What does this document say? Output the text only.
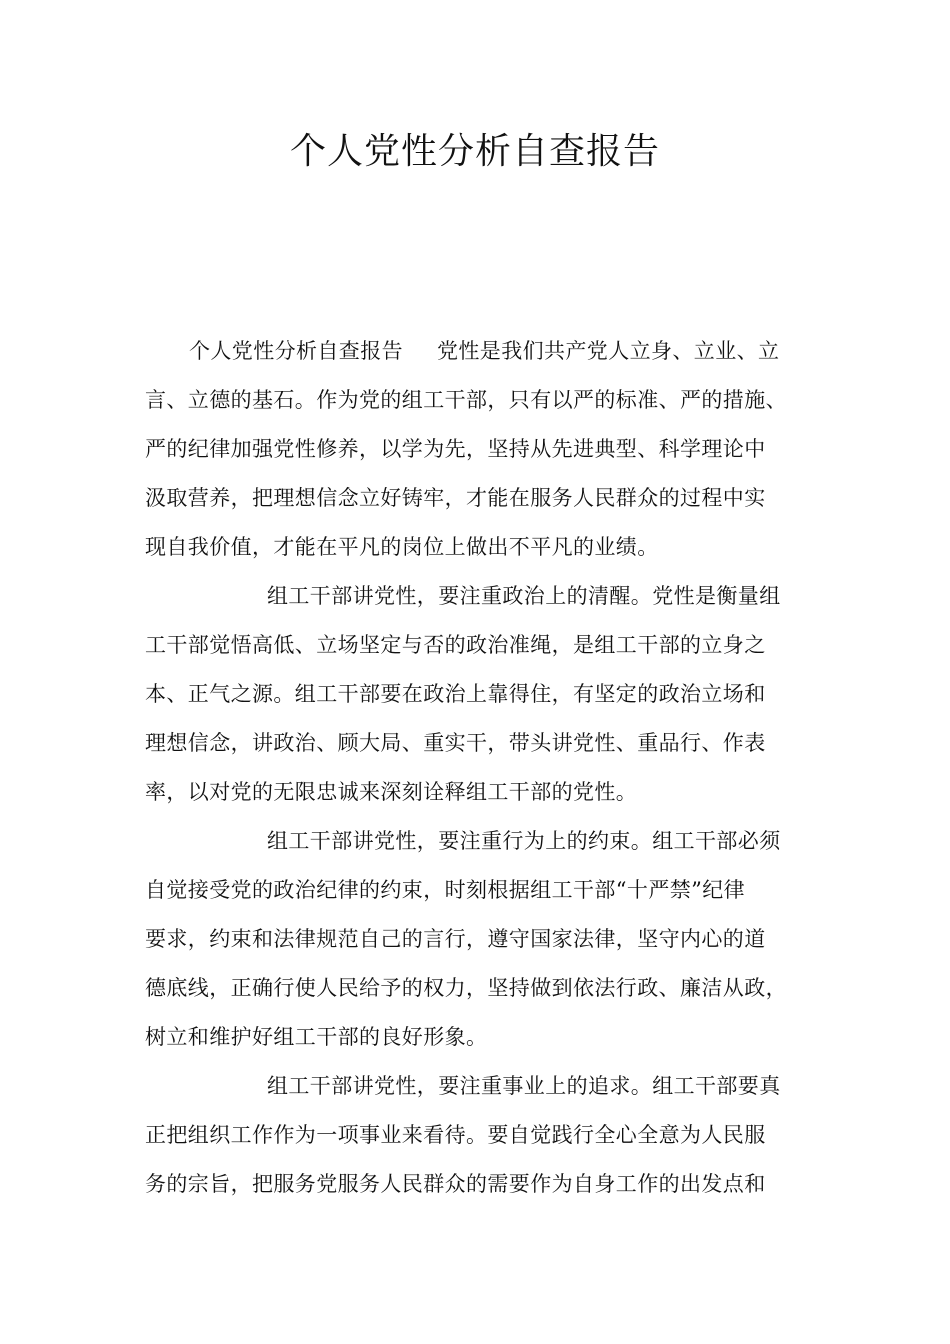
个人党性分析自查报告

个人党性分析自查报告 党性是我们共产党人立身、立业、立
言、立德的基石。作为党的组工干部，只有以严的标准、严的措施、
严的纪律加强党性修养，以学为先，坚持从先进典型、科学理论中
汲取营养，把理想信念立好铸牢，才能在服务人民群众的过程中实
现自我价值，才能在平凡的岗位上做出不平凡的业绩。

组工干部讲党性，要注重政治上的清醒。党性是衡量组
工干部觉悟高低、立场坚定与否的政治准绳，是组工干部的立身之
本、正气之源。组工干部要在政治上靠得住，有坚定的政治立场和
理想信念，讲政治、顾大局、重实干，带头讲党性、重品行、作表
率，以对党的无限忠诚来深刻诠释组工干部的党性。

组工干部讲党性，要注重行为上的约束。组工干部必须
自觉接受党的政治纪律的约束，时刻根据组工干部“十严禁”纪律
要求，约束和法律规范自己的言行，遵守国家法律，坚守内心的道
德底线，正确行使人民给予的权力，坚持做到依法行政、廉洁从政，
树立和维护好组工干部的良好形象。

组工干部讲党性，要注重事业上的追求。组工干部要真
正把组织工作作为一项事业来看待。要自觉践行全心全意为人民服
务的宗旨，把服务党服务人民群众的需要作为自身工作的出发点和
